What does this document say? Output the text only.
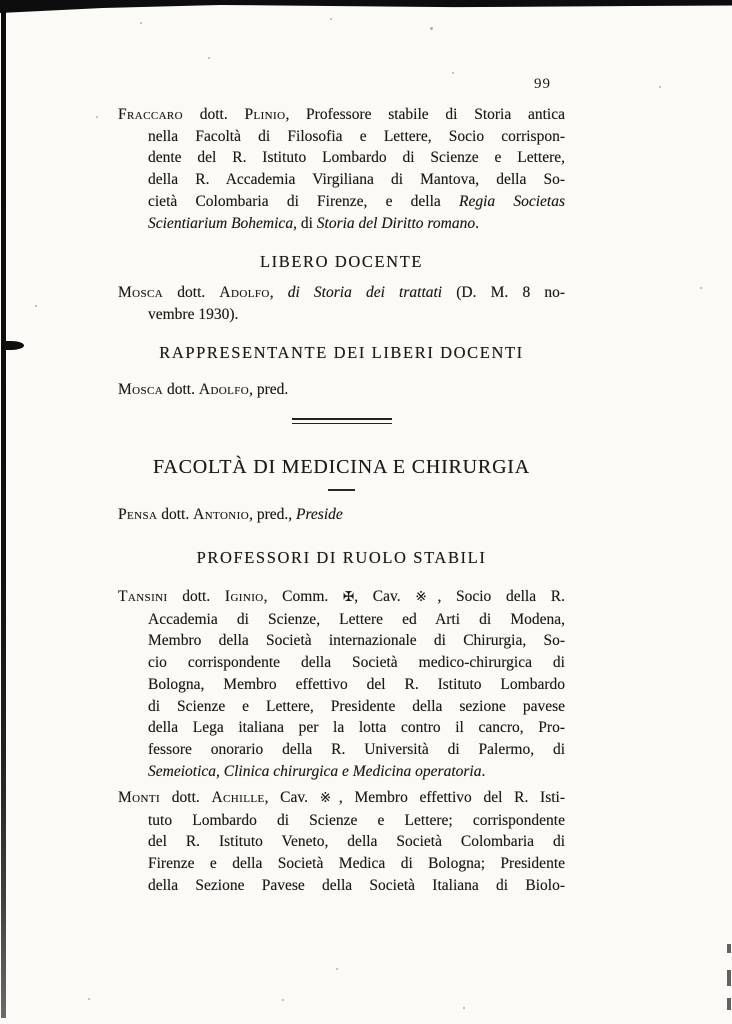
99
Fraccaro dott. Plinio, Professore stabile di Storia antica
nella Facoltà di Filosofia e Lettere, Socio corrispon-
dente del R. Istituto Lombardo di Scienze e Lettere,
della R. Accademia Virgiliana di Mantova, della So-
cietà Colombaria di Firenze, e della Regia Societas
Scientiarium Bohemica, di Storia del Diritto romano.
LIBERO DOCENTE
Mosca dott. Adolfo, di Storia dei trattati (D. M. 8 no-
vembre 1930).
RAPPRESENTANTE DEI LIBERI DOCENTI
Mosca dott. Adolfo, pred.
FACOLTÀ DI MEDICINA E CHIRURGIA
Pensa dott. Antonio, pred., Preside
PROFESSORI DI RUOLO STABILI
Tansini dott. Iginio, Comm. ✠, Cav. ※, Socio della R.
Accademia di Scienze, Lettere ed Arti di Modena,
Membro della Società internazionale di Chirurgia, So-
cio corrispondente della Società medico-chirurgica di
Bologna, Membro effettivo del R. Istituto Lombardo
di Scienze e Lettere, Presidente della sezione pavese
della Lega italiana per la lotta contro il cancro, Pro-
fessore onorario della R. Università di Palermo, di
Semeiotica, Clinica chirurgica e Medicina operatoria.
Monti dott. Achille, Cav. ※, Membro effettivo del R. Isti-
tuto Lombardo di Scienze e Lettere; corrispondente
del R. Istituto Veneto, della Società Colombaria di
Firenze e della Società Medica di Bologna; Presidente
della Sezione Pavese della Società Italiana di Biolo-
